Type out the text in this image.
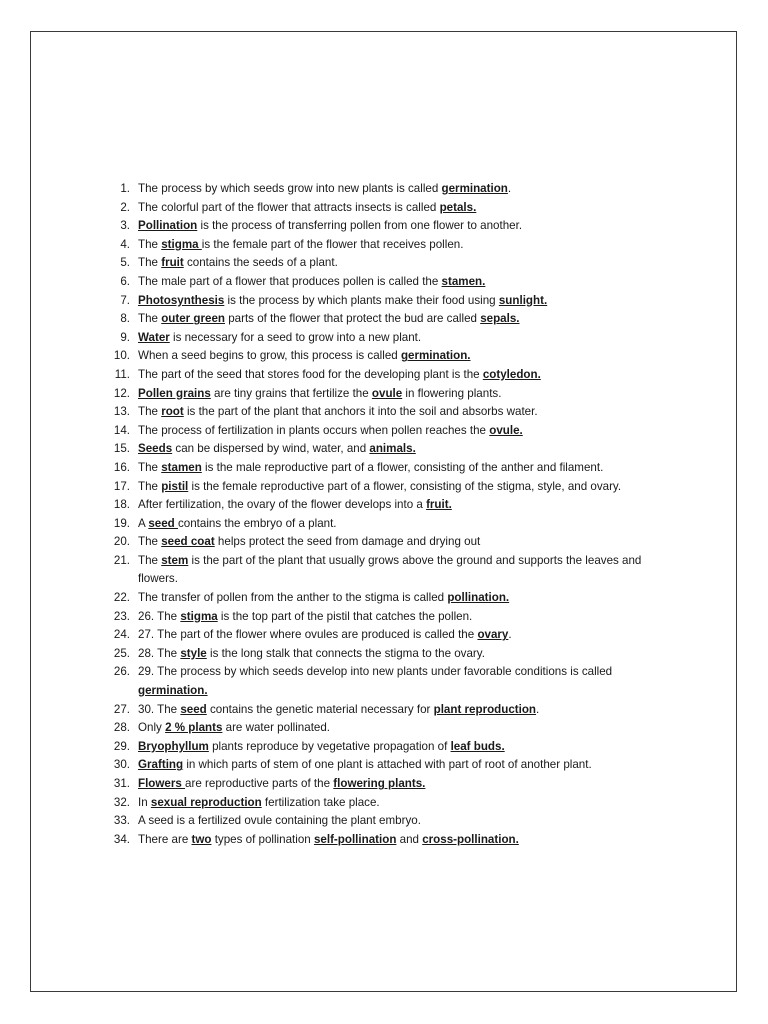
1. The process by which seeds grow into new plants is called germination.
2. The colorful part of the flower that attracts insects is called petals.
3. Pollination is the process of transferring pollen from one flower to another.
4. The stigma is the female part of the flower that receives pollen.
5. The fruit contains the seeds of a plant.
6. The male part of a flower that produces pollen is called the stamen.
7. Photosynthesis is the process by which plants make their food using sunlight.
8. The outer green parts of the flower that protect the bud are called sepals.
9. Water is necessary for a seed to grow into a new plant.
10. When a seed begins to grow, this process is called germination.
11. The part of the seed that stores food for the developing plant is the cotyledon.
12. Pollen grains are tiny grains that fertilize the ovule in flowering plants.
13. The root is the part of the plant that anchors it into the soil and absorbs water.
14. The process of fertilization in plants occurs when pollen reaches the ovule.
15. Seeds can be dispersed by wind, water, and animals.
16. The stamen is the male reproductive part of a flower, consisting of the anther and filament.
17. The pistil is the female reproductive part of a flower, consisting of the stigma, style, and ovary.
18. After fertilization, the ovary of the flower develops into a fruit.
19. A seed contains the embryo of a plant.
20. The seed coat helps protect the seed from damage and drying out
21. The stem is the part of the plant that usually grows above the ground and supports the leaves and flowers.
22. The transfer of pollen from the anther to the stigma is called pollination.
23. 26. The stigma is the top part of the pistil that catches the pollen.
24. 27. The part of the flower where ovules are produced is called the ovary.
25. 28. The style is the long stalk that connects the stigma to the ovary.
26. 29. The process by which seeds develop into new plants under favorable conditions is called germination.
27. 30. The seed contains the genetic material necessary for plant reproduction.
28. Only 2 % plants are water pollinated.
29. Bryophyllum plants reproduce by vegetative propagation of leaf buds.
30. Grafting in which parts of stem of one plant is attached with part of root of another plant.
31. Flowers are reproductive parts of the flowering plants.
32. In sexual reproduction fertilization take place.
33. A seed is a fertilized ovule containing the plant embryo.
34. There are two types of pollination self-pollination and cross-pollination.
